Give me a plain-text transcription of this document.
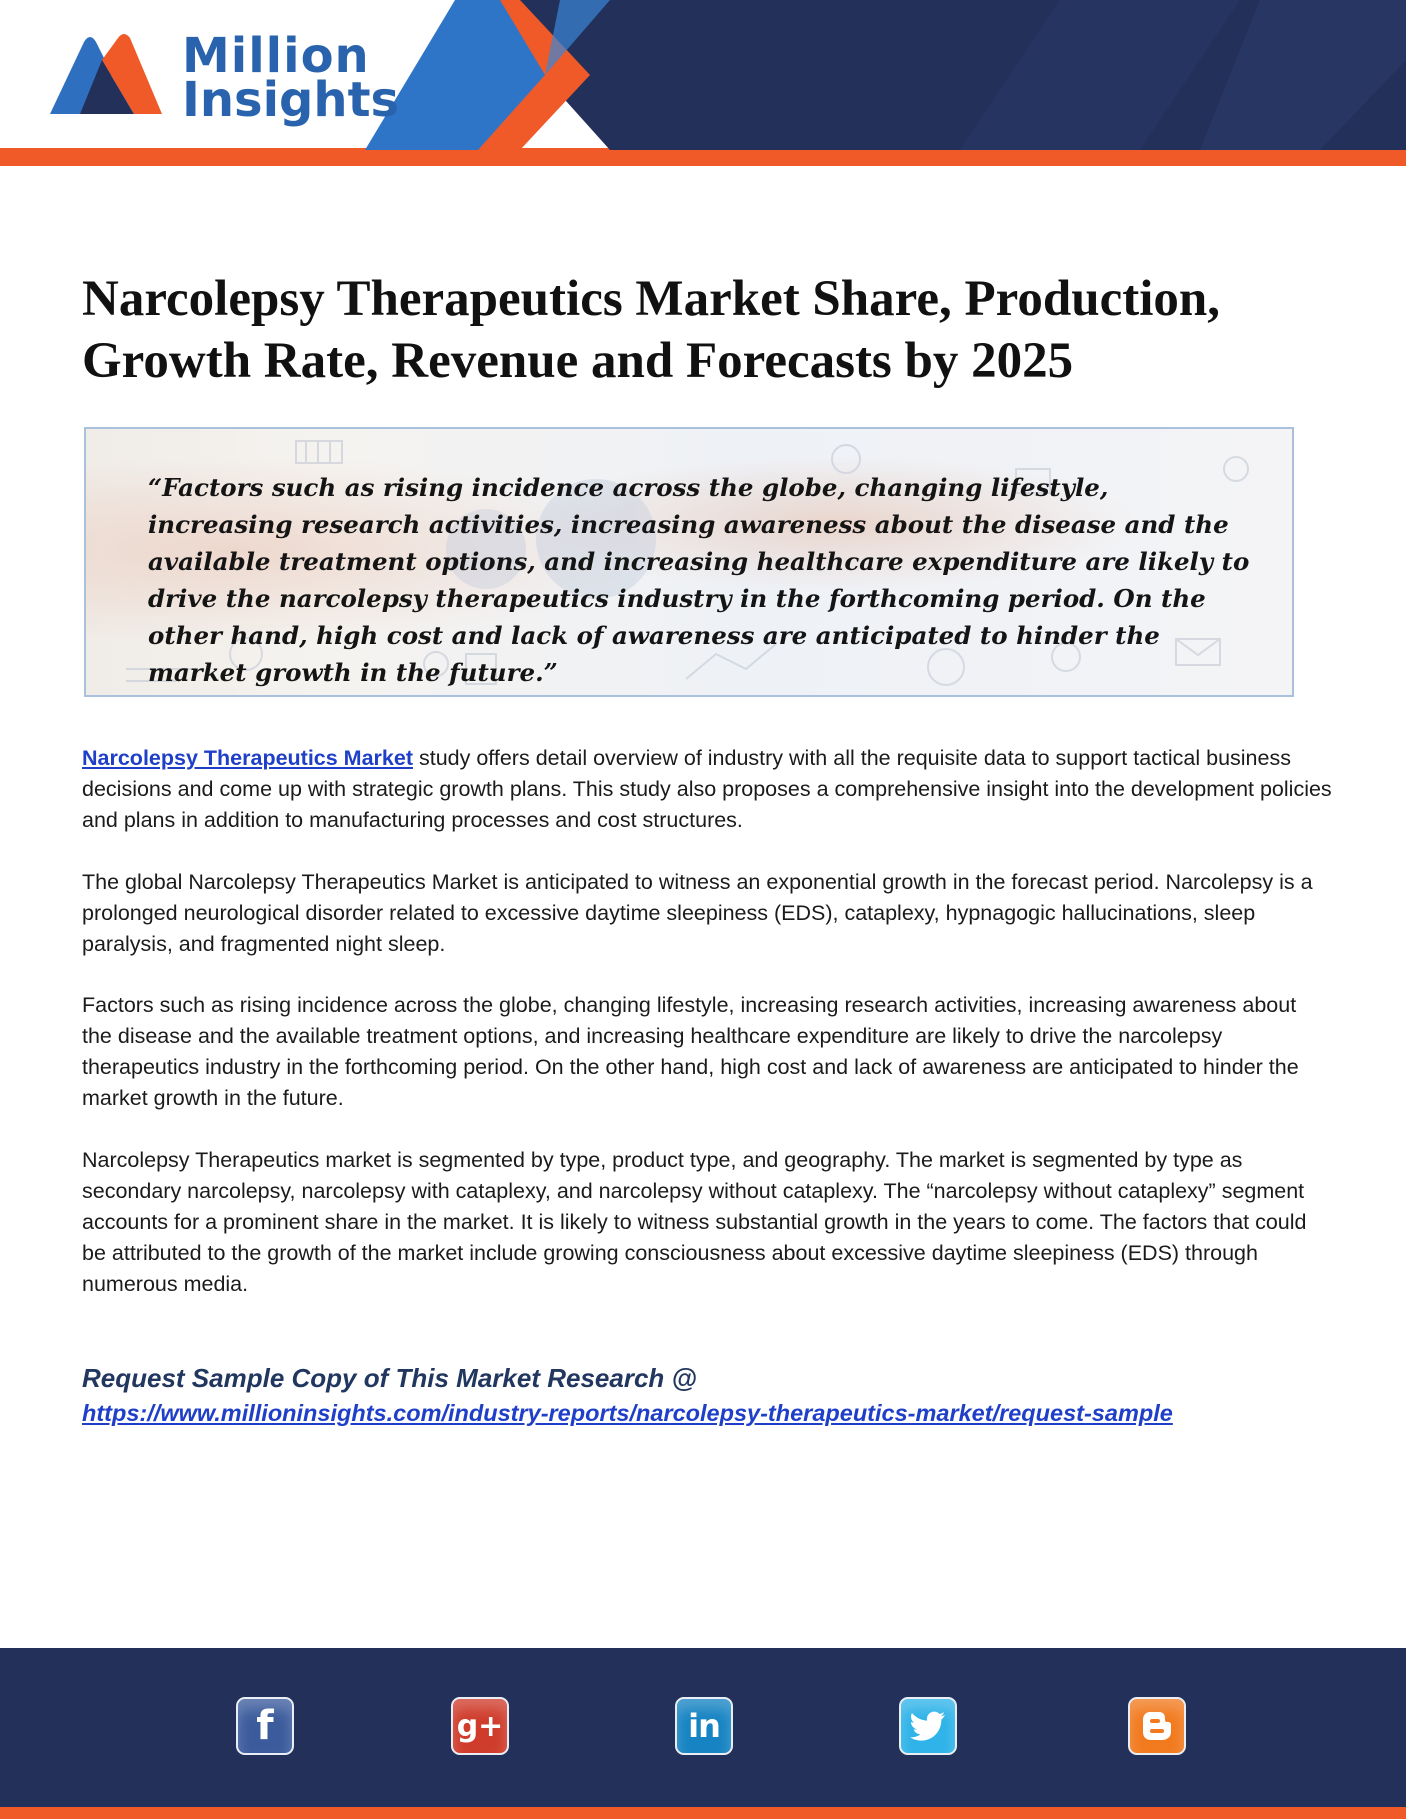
Million
Insights
Narcolepsy Therapeutics Market Share, Production, Growth Rate, Revenue and Forecasts by 2025

“Factors such as rising incidence across the globe, changing lifestyle, increasing research activities, increasing awareness about the disease and the available treatment options, and increasing healthcare expenditure are likely to drive the narcolepsy therapeutics industry in the forthcoming period. On the other hand, high cost and lack of awareness are anticipated to hinder the market growth in the future.”

Narcolepsy Therapeutics Market study offers detail overview of industry with all the requisite data to support tactical business decisions and come up with strategic growth plans. This study also proposes a comprehensive insight into the development policies and plans in addition to manufacturing processes and cost structures.

The global Narcolepsy Therapeutics Market is anticipated to witness an exponential growth in the forecast period. Narcolepsy is a prolonged neurological disorder related to excessive daytime sleepiness (EDS), cataplexy, hypnagogic hallucinations, sleep paralysis, and fragmented night sleep.

Factors such as rising incidence across the globe, changing lifestyle, increasing research activities, increasing awareness about the disease and the available treatment options, and increasing healthcare expenditure are likely to drive the narcolepsy therapeutics industry in the forthcoming period. On the other hand, high cost and lack of awareness are anticipated to hinder the market growth in the future.

Narcolepsy Therapeutics market is segmented by type, product type, and geography. The market is segmented by type as secondary narcolepsy, narcolepsy with cataplexy, and narcolepsy without cataplexy. The “narcolepsy without cataplexy” segment accounts for a prominent share in the market. It is likely to witness substantial growth in the years to come. The factors that could be attributed to the growth of the market include growing consciousness about excessive daytime sleepiness (EDS) through numerous media.

Request Sample Copy of This Market Research @

https://www.millioninsights.com/industry-reports/narcolepsy-therapeutics-market/request-sample
f	g+	in
